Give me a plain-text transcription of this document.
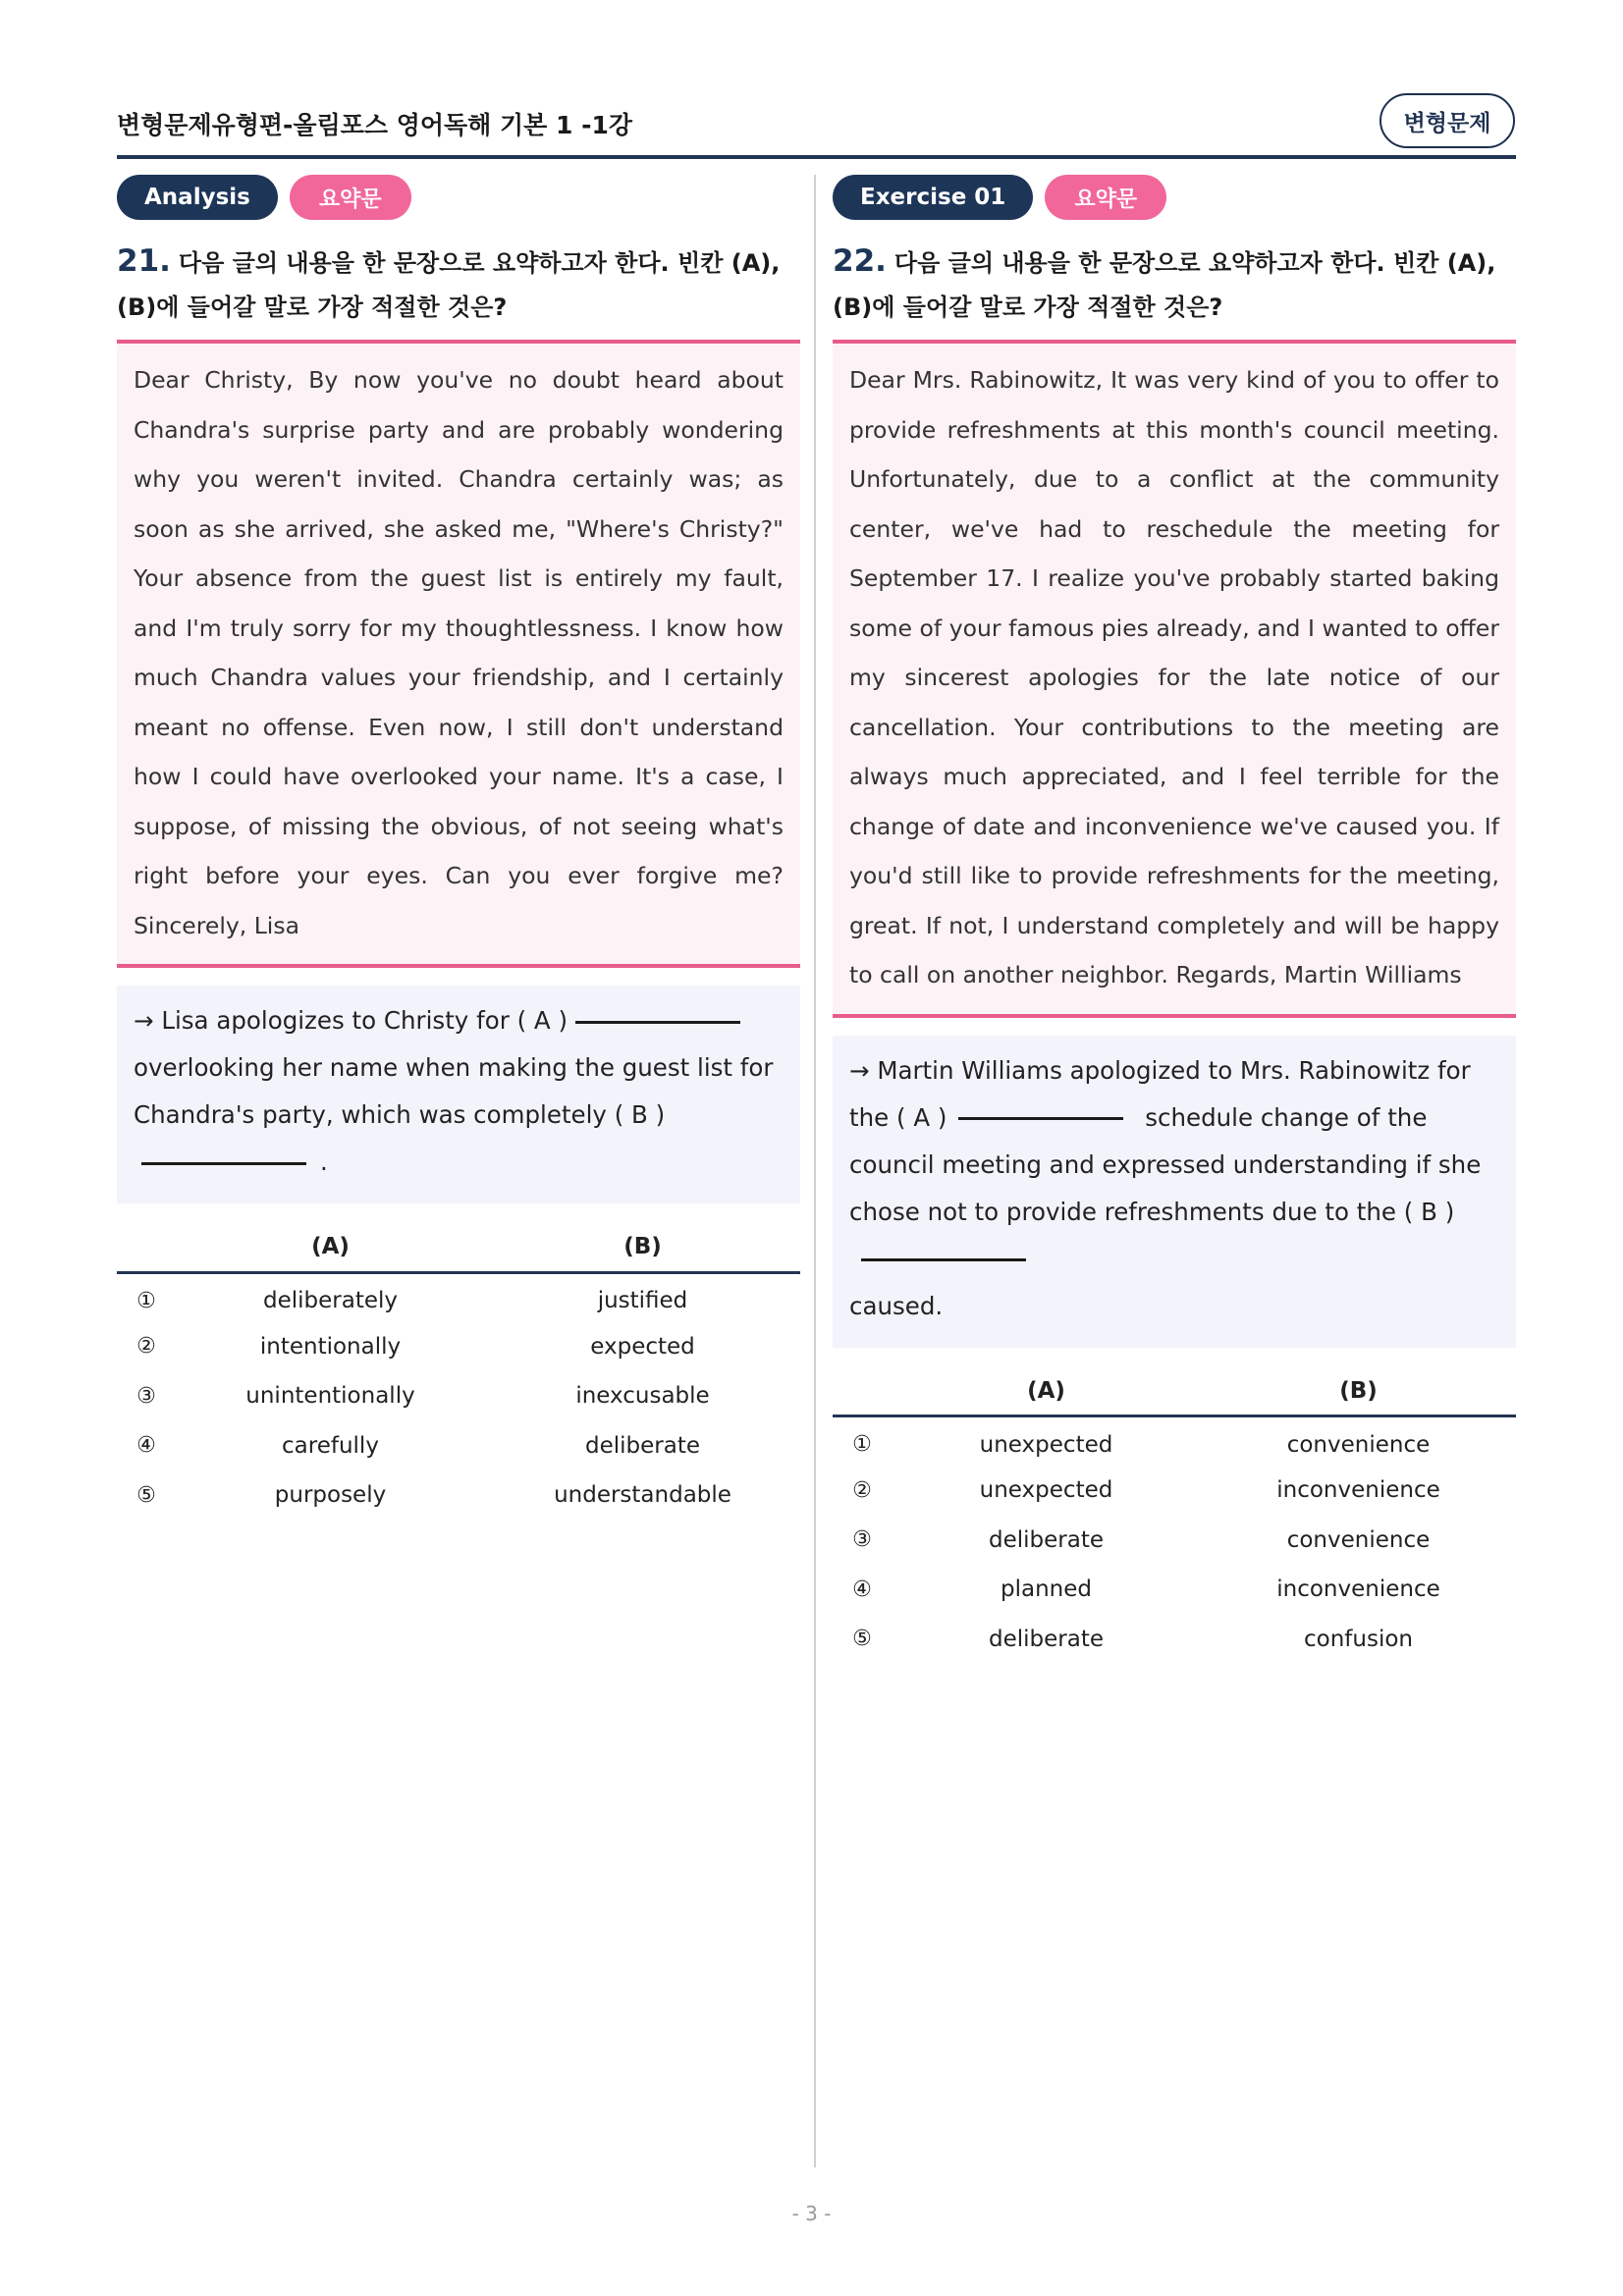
변형문제유형편-올림포스 영어독해 기본 1 -1강	변형문제
Analysis	요약문
21. 다음 글의 내용을 한 문장으로 요약하고자 한다. 빈칸 (A), (B)에 들어갈 말로 가장 적절한 것은?
Dear Christy, By now you've no doubt heard about Chandra's surprise party and are probably wondering why you weren't invited. Chandra certainly was; as soon as she arrived, she asked me, "Where's Christy?" Your absence from the guest list is entirely my fault, and I'm truly sorry for my thoughtlessness. I know how much Chandra values your friendship, and I certainly meant no offense. Even now, I still don't understand how I could have overlooked your name. It's a case, I suppose, of missing the obvious, of not seeing what's right before your eyes. Can you ever forgive me? Sincerely, Lisa
→ Lisa apologizes to Christy for ( A )
overlooking her name when making the guest list for Chandra's party, which was completely ( B )
.
	(A)	(B)
①	deliberately	justified
②	intentionally	expected
③	unintentionally	inexcusable
④	carefully	deliberate
⑤	purposely	understandable
Exercise 01	요약문
22. 다음 글의 내용을 한 문장으로 요약하고자 한다. 빈칸 (A), (B)에 들어갈 말로 가장 적절한 것은?
Dear Mrs. Rabinowitz, It was very kind of you to offer to provide refreshments at this month's council meeting. Unfortunately, due to a conflict at the community center, we've had to reschedule the meeting for September 17. I realize you've probably started baking some of your famous pies already, and I wanted to offer my sincerest apologies for the late notice of our cancellation. Your contributions to the meeting are always much appreciated, and I feel terrible for the change of date and inconvenience we've caused you. If you'd still like to provide refreshments for the meeting, great. If not, I understand completely and will be happy to call on another neighbor. Regards, Martin Williams
→ Martin Williams apologized to Mrs. Rabinowitz for the ( A )	schedule change of the council meeting and expressed understanding if she chose not to provide refreshments due to the ( B )
caused.
	(A)	(B)
①	unexpected	convenience
②	unexpected	inconvenience
③	deliberate	convenience
④	planned	inconvenience
⑤	deliberate	confusion
- 3 -
